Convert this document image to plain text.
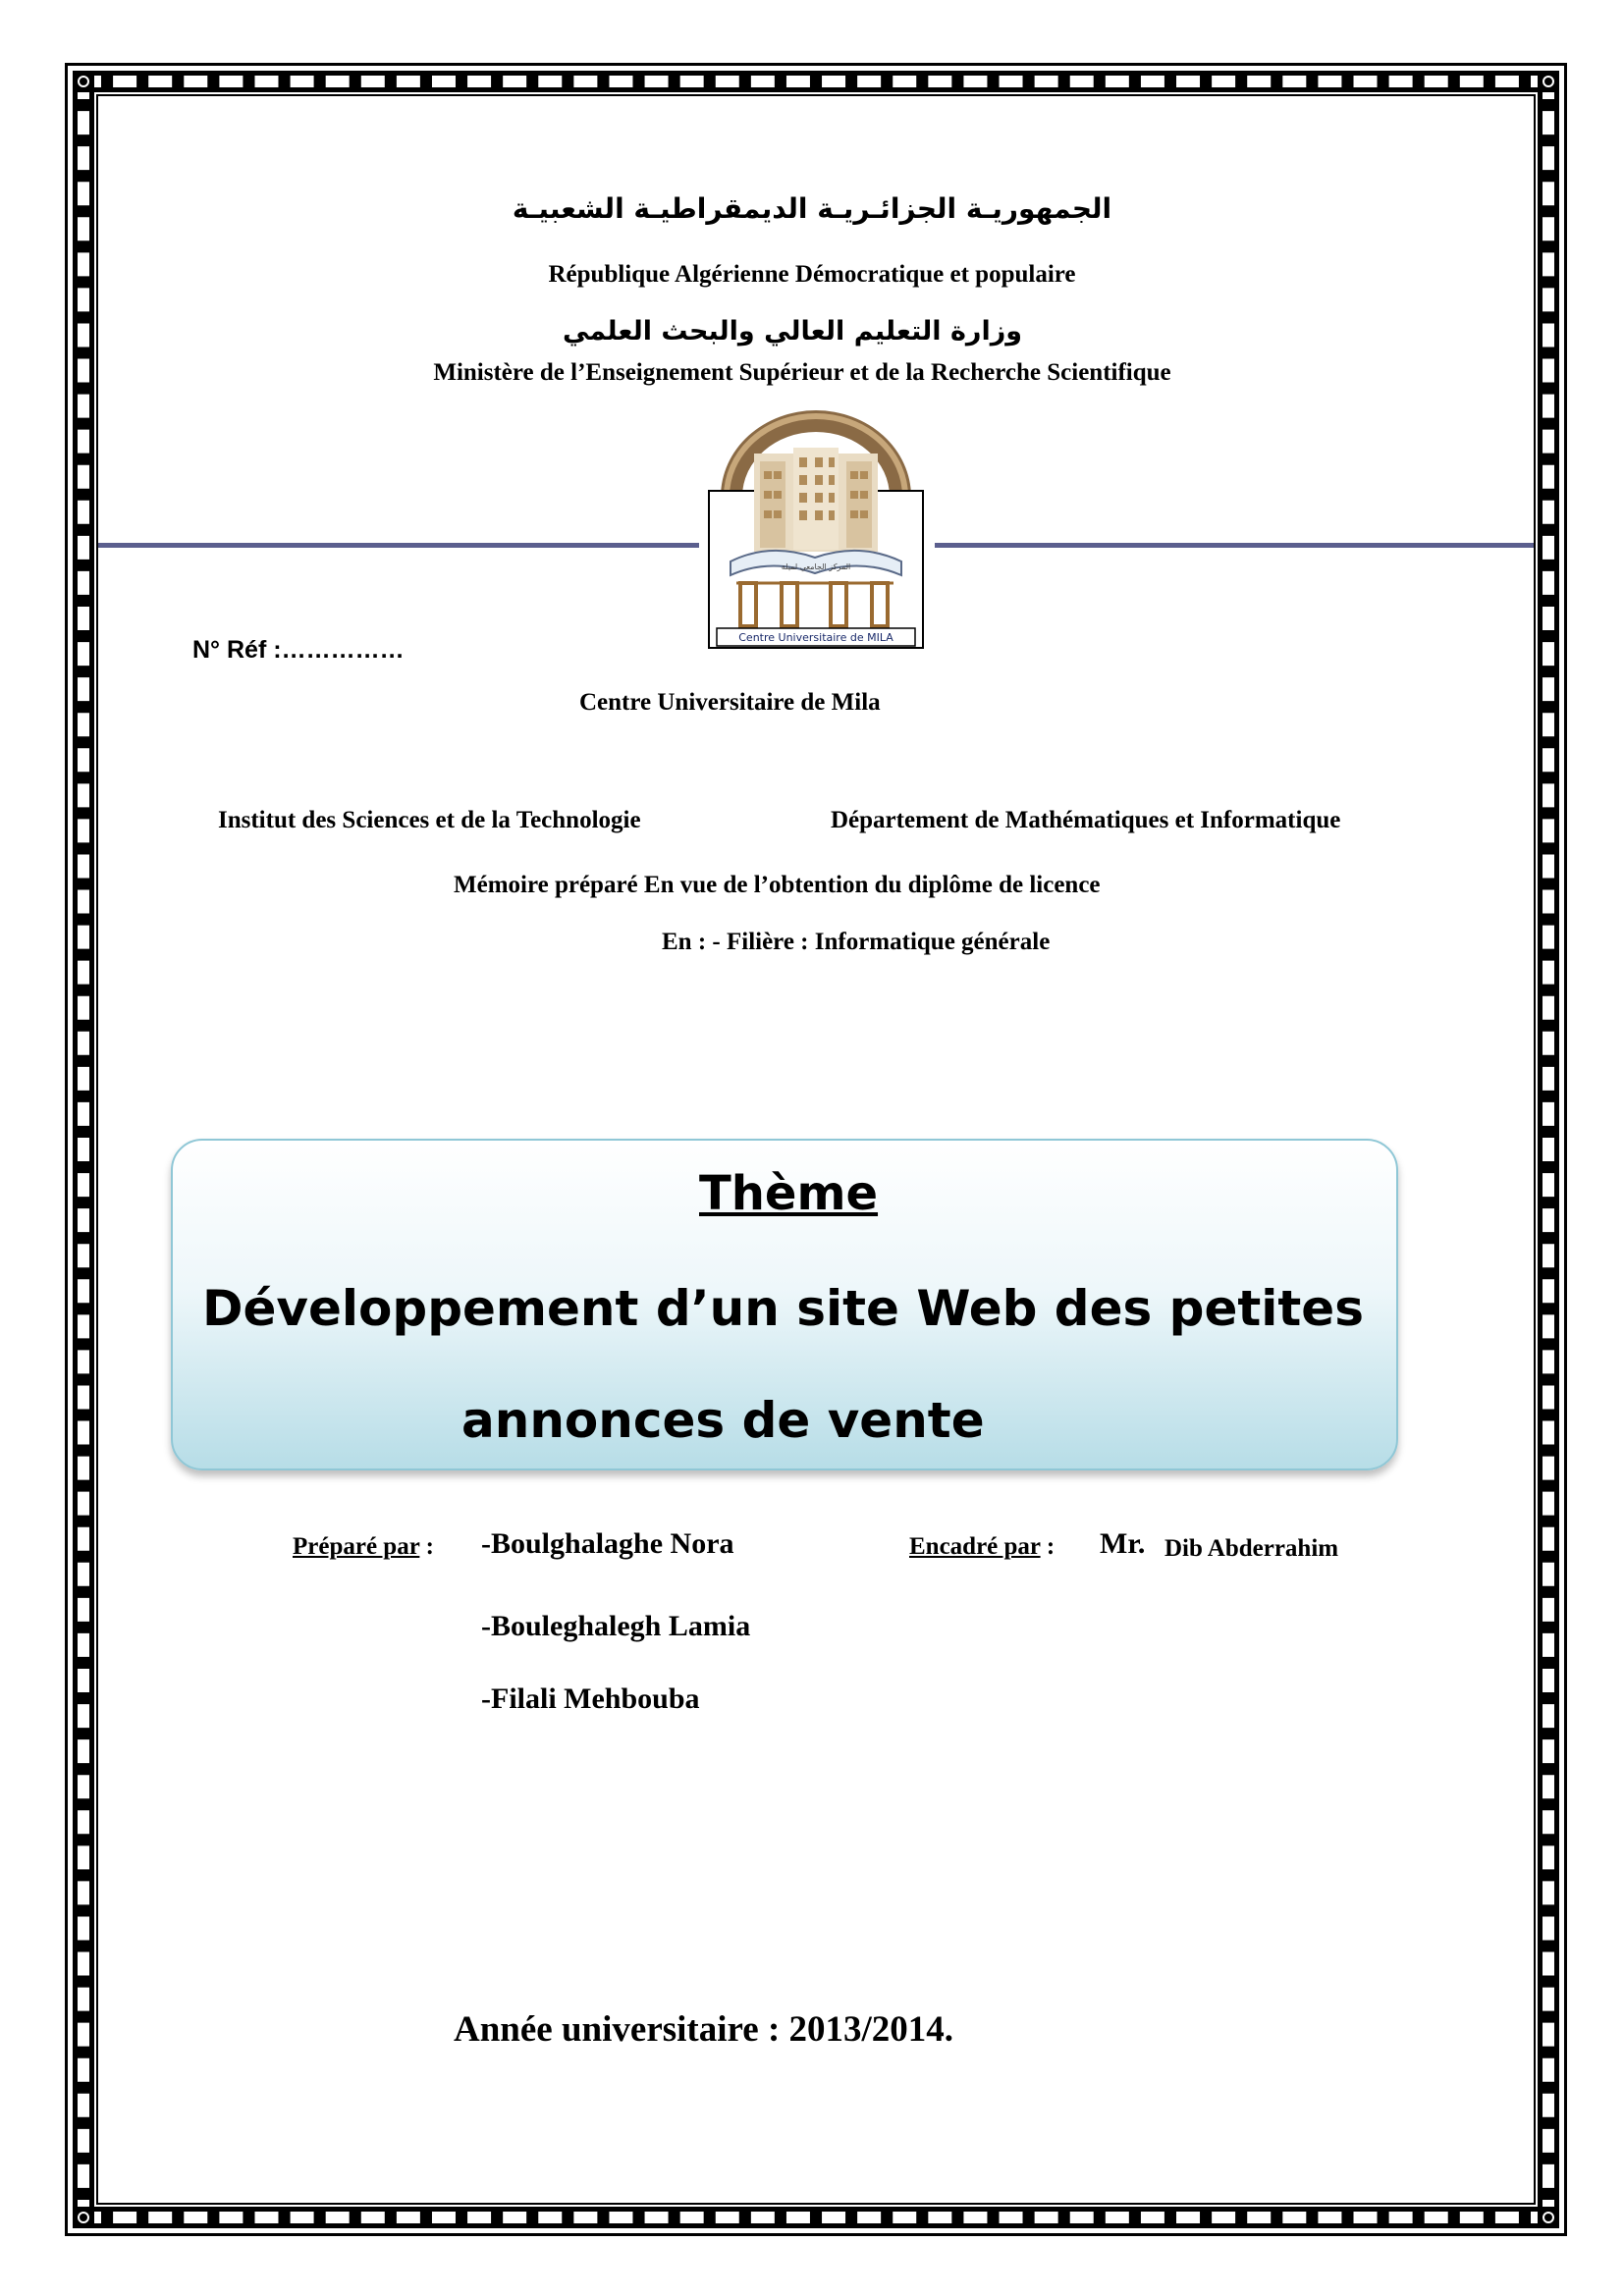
الجمهوريـة الجزائـريـة الديمقراطيـة الشعبيـة
République Algérienne Démocratique et populaire
وزارة التعليم العالي والبحث العلمي
Ministère de l’Enseignement Supérieur et de la Recherche Scientifique
المركز الجامعي لميلة
Centre Universitaire de MILA
N° Réf :……………
Centre Universitaire de Mila
Institut des Sciences et de la Technologie	Département de Mathématiques et Informatique
Mémoire préparé En vue de l’obtention du diplôme de licence
En : - Filière : Informatique générale
Thème
Développement d’un site Web des petites
annonces de vente
Préparé par : -Boulghalaghe Nora
-Bouleghalegh Lamia
-Filali Mehbouba
Encadré par : Mr. Dib Abderrahim
Année universitaire : 2013/2014.
